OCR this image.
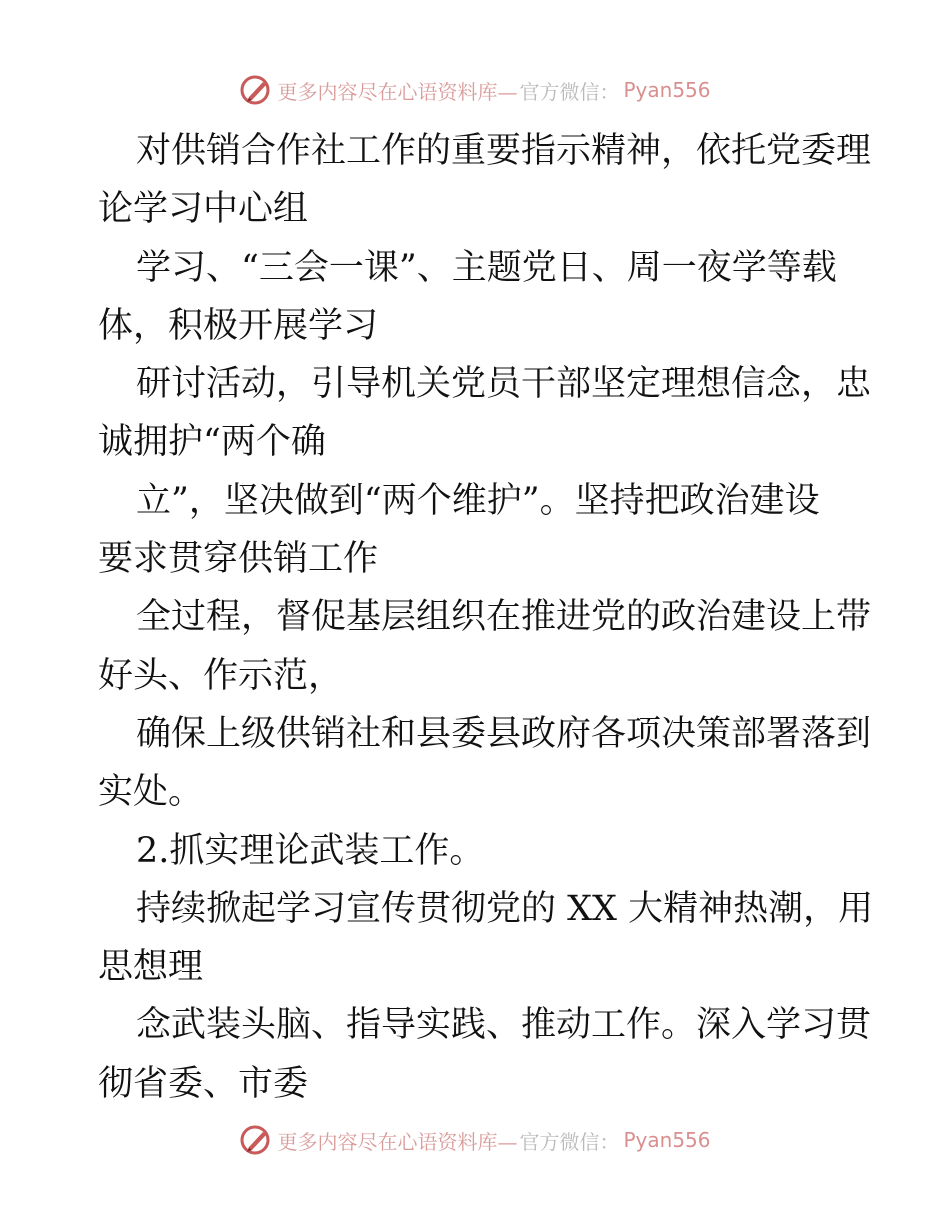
更多内容尽在心语资料库— 官方微信： Pyan556
对供销合作社工作的重要指示精神，依托党委理
论学习中心组
学习、“三会一课”、主题党日、周一夜学等载
体，积极开展学习
研讨活动，引导机关党员干部坚定理想信念，忠
诚拥护“两个确
立”，坚决做到“两个维护”。坚持把政治建设
要求贯穿供销工作
全过程，督促基层组织在推进党的政治建设上带
好头、作示范，
确保上级供销社和县委县政府各项决策部署落到
实处。
2.抓实理论武装工作。
持续掀起学习宣传贯彻党的 XX 大精神热潮，用
思想理
念武装头脑、指导实践、推动工作。深入学习贯
彻省委、市委
更多内容尽在心语资料库— 官方微信： Pyan556
